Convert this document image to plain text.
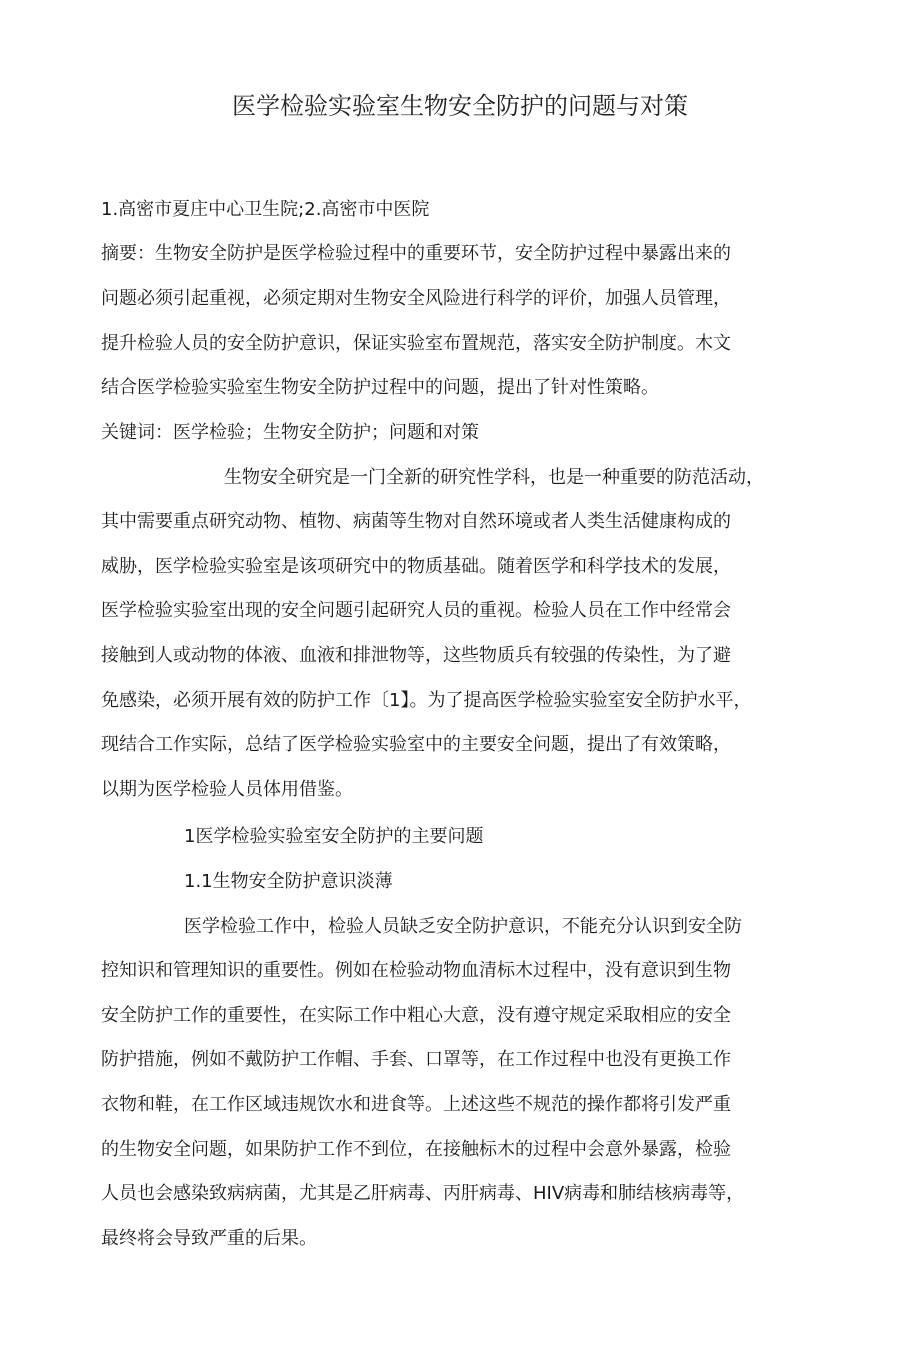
医学检验实验室生物安全防护的问题与对策

1.高密市夏庄中心卫生院;2.高密市中医院

摘要：生物安全防护是医学检验过程中的重要环节，安全防护过程中暴露出来的

问题必须引起重视，必须定期对生物安全风险进行科学的评价，加强人员管理，

提升检验人员的安全防护意识，保证实验室布置规范，落实安全防护制度。木文

结合医学检验实验室生物安全防护过程中的问题，提出了针对性策略。

关键词：医学检验；生物安全防护；问题和对策

生物安全研究是一门全新的研究性学科，也是一种重要的防范活动，

其中需要重点研究动物、植物、病菌等生物对自然环境或者人类生活健康构成的

威胁，医学检验实验室是该项研究中的物质基础。随着医学和科学技术的发展，

医学检验实验室出现的安全问题引起研究人员的重视。检验人员在工作中经常会

接触到人或动物的体液、血液和排泄物等，这些物质兵有较强的传染性，为了避

免感染，必须开展有效的防护工作〔1】。为了提高医学检验实验室安全防护水平，

现结合工作实际，总结了医学检验实验室中的主要安全问题，提出了有效策略，

以期为医学检验人员体用借鉴。

1医学检验实验室安全防护的主要问题

1.1生物安全防护意识淡薄

医学检验工作中，检验人员缺乏安全防护意识，不能充分认识到安全防

控知识和管理知识的重要性。例如在检验动物血清标木过程中，没有意识到生物

安全防护工作的重要性，在实际工作中粗心大意，没有遵守规定采取相应的安全

防护措施，例如不戴防护工作帽、手套、口罩等，在工作过程中也没有更换工作

衣物和鞋，在工作区域违规饮水和进食等。上述这些不规范的操作都将引发严重

的生物安全问题，如果防护工作不到位，在接触标木的过程中会意外暴露，检验

人员也会感染致病病菌，尤其是乙肝病毒、丙肝病毒、HIV病毒和肺结核病毒等，

最终将会导致严重的后果。
